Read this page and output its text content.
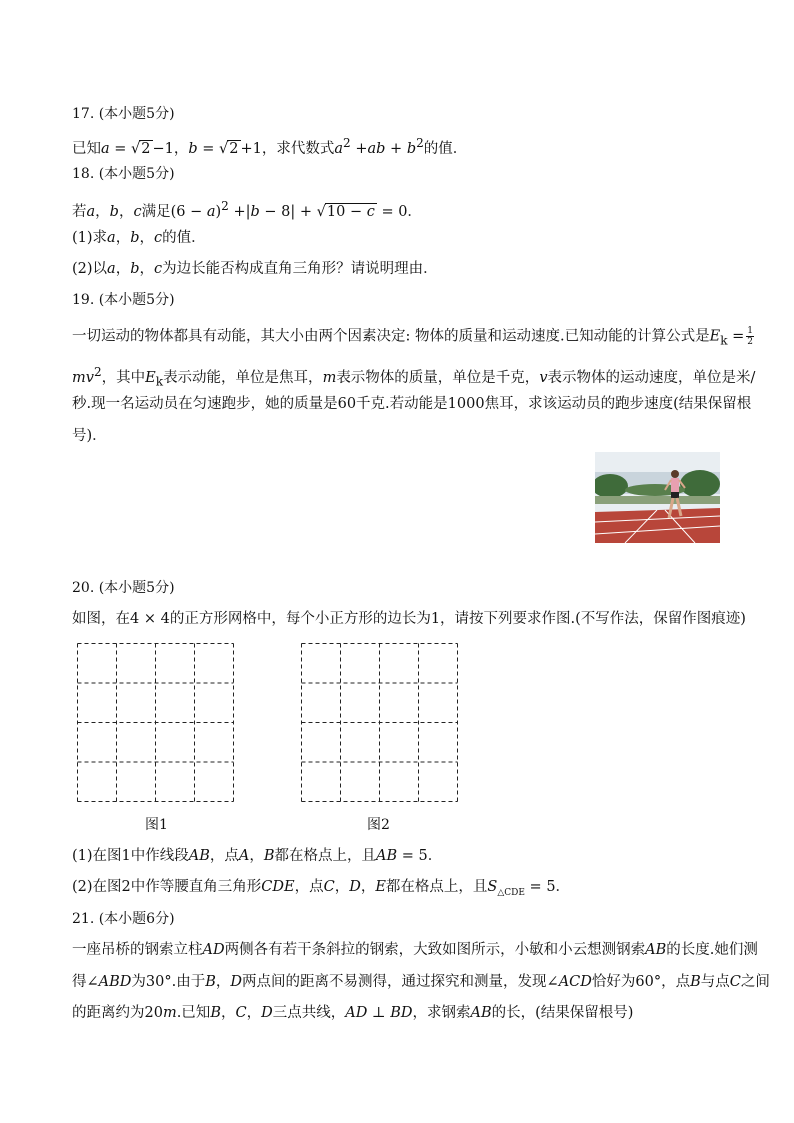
17. (本小题5分)
已知a = √2 −1，b = √2 +1，求代数式$a^2 +ab + b^2$的值．
18. (本小题5分)
若a，b，c满足$(6 - a)^2 +|b - 8| + √10 - c = 0$．
(1)求a，b，c的值．
(2)以a，b，c为边长能否构成直角三角形？请说明理由．
19. (本小题5分)
一切运动的物体都具有动能，其大小由两个因素决定: 物体的质量和运动速度.已知动能的计算公式是$E_k = \frac{1}{2}$
$mv^2$，其中$E_k$表示动能，单位是焦耳，m表示物体的质量，单位是千克，v表示物体的运动速度，单位是米/
秒.现一名运动员在匀速跑步，她的质量是60千克.若动能是1000焦耳，求该运动员的跑步速度(结果保留根
号)．
20. (本小题5分)
如图，在4 × 4的正方形网格中，每个小正方形的边长为1，请按下列要求作图.(不写作法，保留作图痕迹)
图1	图2
(1)在图1中作线段AB，点A，B都在格点上，且AB = 5．
(2)在图2中作等腰直角三角形CDE，点C，D，E都在格点上，且$S_{\triangle CDE} = 5$．
21. (本小题6分)
一座吊桥的钢索立柱AD两侧各有若干条斜拉的钢索，大致如图所示，小敏和小云想测钢索AB的长度.她们测
得∠ABD为30°.由于B，D两点间的距离不易测得，通过探究和测量，发现∠ACD恰好为60°，点B与点C之间
的距离约为20m.已知B，C，D三点共线，AD ⊥ BD，求钢索AB的长，(结果保留根号)
